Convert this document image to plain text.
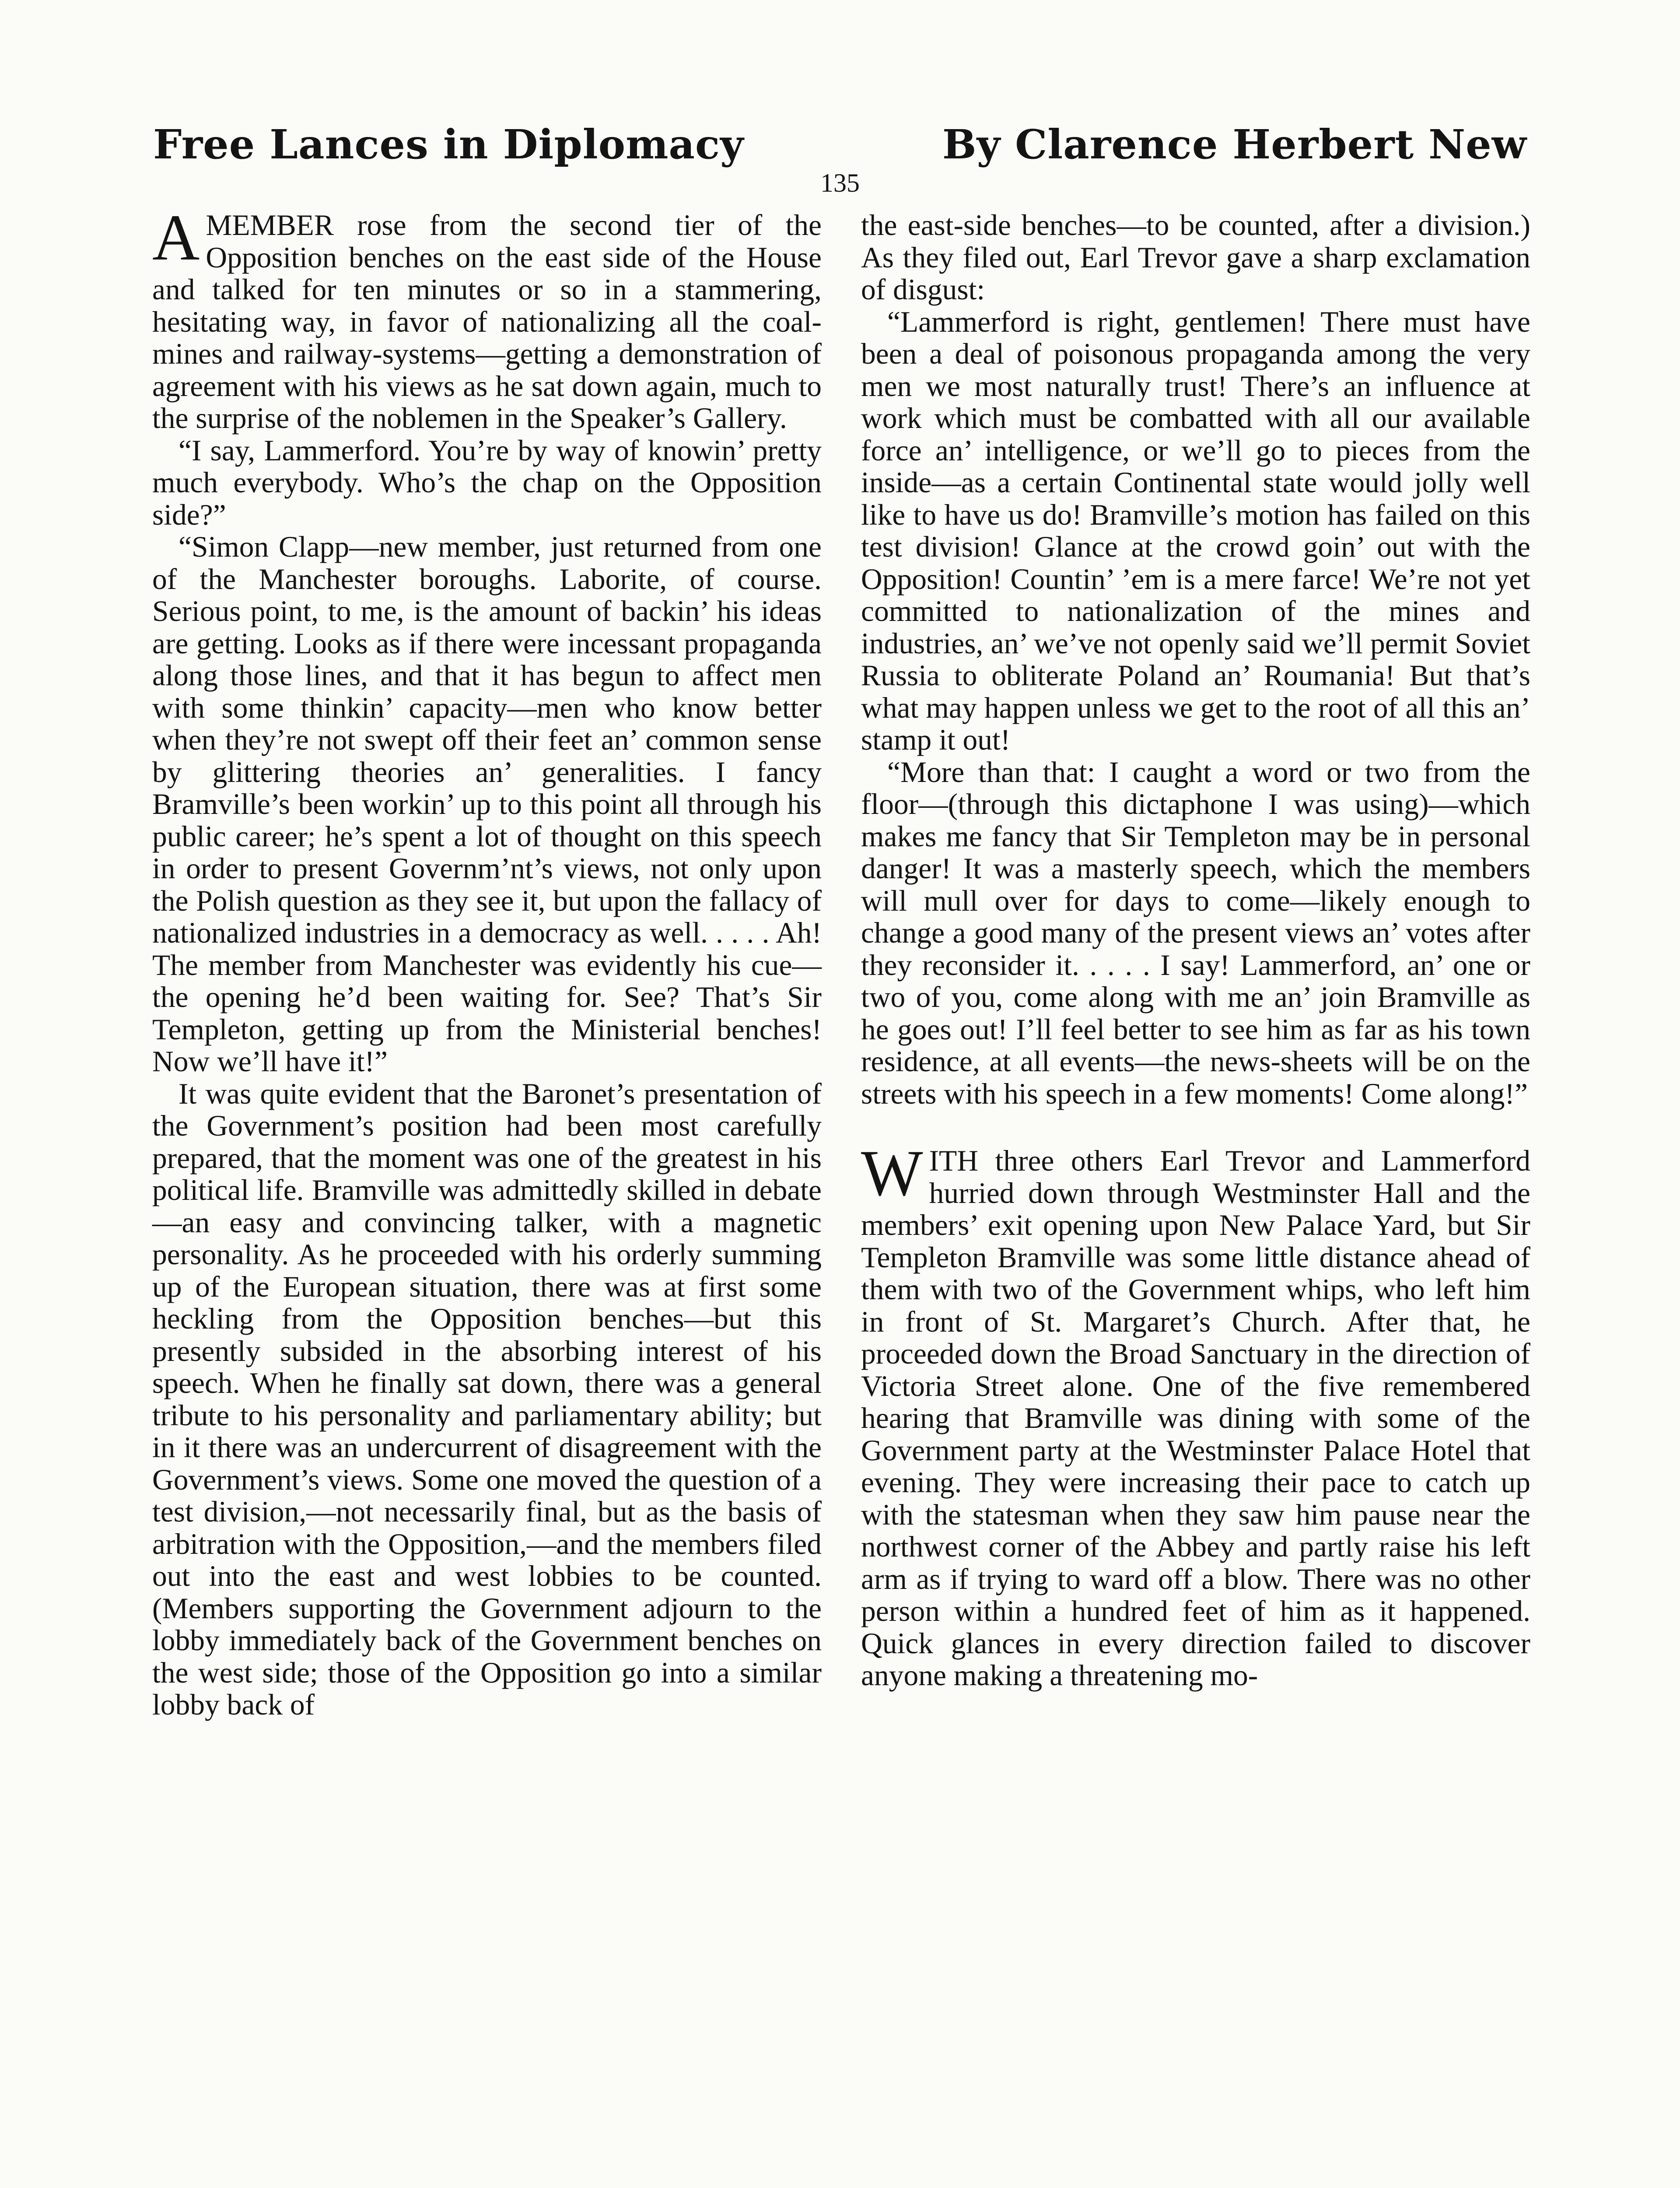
Free Lances in Diplomacy	By Clarence Herbert New
135

A MEMBER rose from the second tier of the Opposition benches on the east side of the House and talked for ten minutes or so in a stammering, hesitating way, in favor of nationalizing all the coal-mines and railway-systems—getting a demonstration of agreement with his views as he sat down again, much to the surprise of the noblemen in the Speaker’s Gallery.

“I say, Lammerford. You’re by way of knowin’ pretty much everybody. Who’s the chap on the Opposition side?”

“Simon Clapp—new member, just returned from one of the Manchester boroughs. Laborite, of course. Serious point, to me, is the amount of backin’ his ideas are getting. Looks as if there were incessant propaganda along those lines, and that it has begun to affect men with some thinkin’ capacity—men who know better when they’re not swept off their feet an’ common sense by glittering theories an’ generalities. I fancy Bramville’s been workin’ up to this point all through his public career; he’s spent a lot of thought on this speech in order to present Governm’nt’s views, not only upon the Polish question as they see it, but upon the fallacy of nationalized industries in a democracy as well. . . . . Ah! The member from Manchester was evidently his cue—the opening he’d been waiting for. See? That’s Sir Templeton, getting up from the Ministerial benches! Now we’ll have it!”

It was quite evident that the Baronet’s presentation of the Government’s position had been most carefully prepared, that the moment was one of the greatest in his political life. Bramville was admittedly skilled in debate—an easy and convincing talker, with a magnetic personality. As he proceeded with his orderly summing up of the European situation, there was at first some heckling from the Opposition benches—but this presently subsided in the absorbing interest of his speech. When he finally sat down, there was a general tribute to his personality and parliamentary ability; but in it there was an undercurrent of disagreement with the Government’s views. Some one moved the question of a test division,—not necessarily final, but as the basis of arbitration with the Opposition,—and the members filed out into the east and west lobbies to be counted. (Members supporting the Government adjourn to the lobby immediately back of the Government benches on the west side; those of the Opposition go into a similar lobby back of

the east-side benches—to be counted, after a division.) As they filed out, Earl Trevor gave a sharp exclamation of disgust:

“Lammerford is right, gentlemen! There must have been a deal of poisonous propaganda among the very men we most naturally trust! There’s an influence at work which must be combatted with all our available force an’ intelligence, or we’ll go to pieces from the inside—as a certain Continental state would jolly well like to have us do! Bramville’s motion has failed on this test division! Glance at the crowd goin’ out with the Opposition! Countin’ ’em is a mere farce! We’re not yet committed to nationalization of the mines and industries, an’ we’ve not openly said we’ll permit Soviet Russia to obliterate Poland an’ Roumania! But that’s what may happen unless we get to the root of all this an’ stamp it out!

“More than that: I caught a word or two from the floor—(through this dictaphone I was using)—which makes me fancy that Sir Templeton may be in personal danger! It was a masterly speech, which the members will mull over for days to come—likely enough to change a good many of the present views an’ votes after they reconsider it. . . . . I say! Lammerford, an’ one or two of you, come along with me an’ join Bramville as he goes out! I’ll feel better to see him as far as his town residence, at all events—the news-sheets will be on the streets with his speech in a few moments! Come along!”

WITH three others Earl Trevor and Lammerford hurried down through Westminster Hall and the members’ exit opening upon New Palace Yard, but Sir Templeton Bramville was some little distance ahead of them with two of the Government whips, who left him in front of St. Margaret’s Church. After that, he proceeded down the Broad Sanctuary in the direction of Victoria Street alone. One of the five remembered hearing that Bramville was dining with some of the Government party at the Westminster Palace Hotel that evening. They were increasing their pace to catch up with the statesman when they saw him pause near the northwest corner of the Abbey and partly raise his left arm as if trying to ward off a blow. There was no other person within a hundred feet of him as it happened. Quick glances in every direction failed to discover anyone making a threatening mo-
